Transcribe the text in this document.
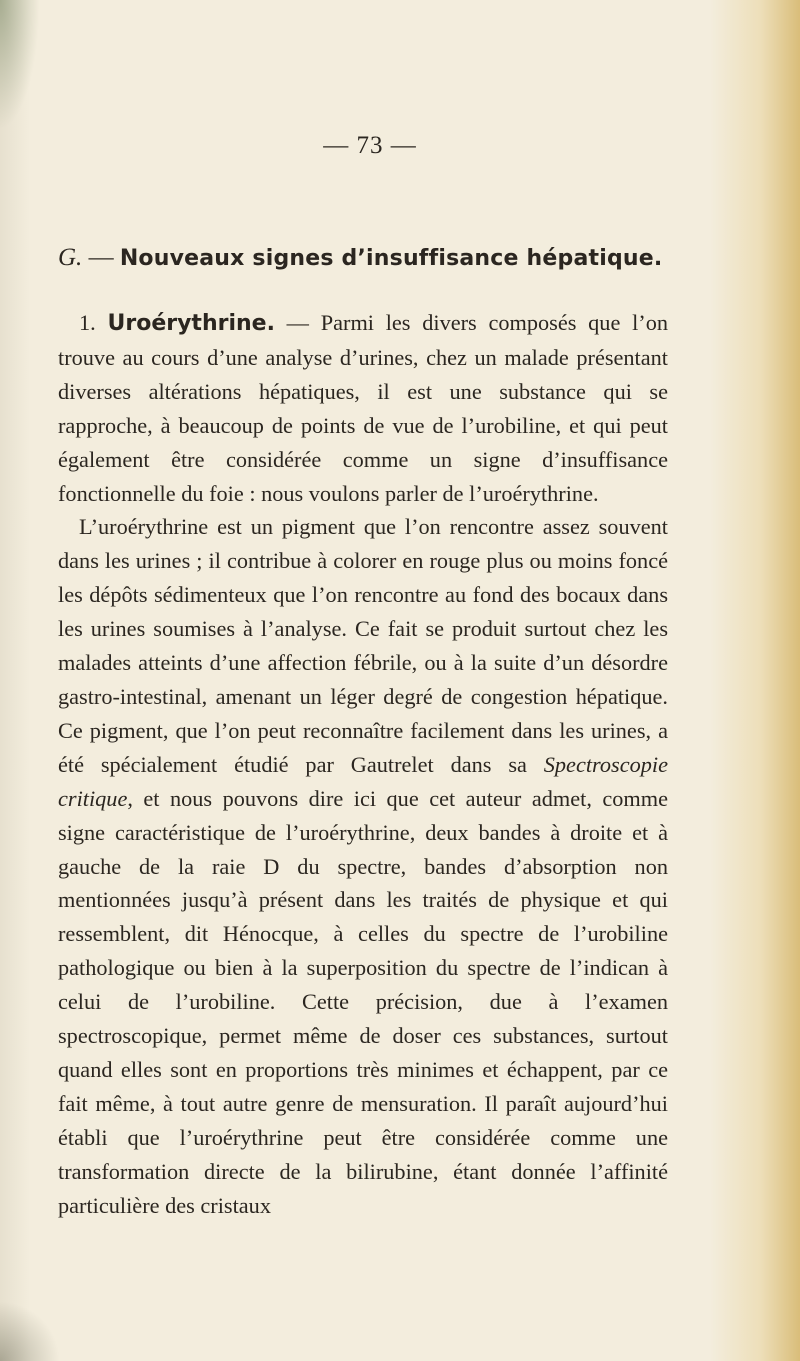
— 73 —
G. — Nouveaux signes d’insuffisance hépatique.

1. Uroérythrine. — Parmi les divers composés que l’on trouve au cours d’une analyse d’urines, chez un malade présentant diverses altérations hépatiques, il est une substance qui se rapproche, à beaucoup de points de vue de l’urobiline, et qui peut également être considérée comme un signe d’insuffisance fonctionnelle du foie : nous voulons parler de l’uroérythrine.

L’uroérythrine est un pigment que l’on rencontre assez souvent dans les urines ; il contribue à colorer en rouge plus ou moins foncé les dépôts sédimenteux que l’on rencontre au fond des bocaux dans les urines soumises à l’analyse. Ce fait se produit surtout chez les malades atteints d’une affection fébrile, ou à la suite d’un désordre gastro-intestinal, amenant un léger degré de congestion hépatique. Ce pigment, que l’on peut reconnaître facilement dans les urines, a été spécialement étudié par Gautrelet dans sa Spectroscopie critique, et nous pouvons dire ici que cet auteur admet, comme signe caractéristique de l’uroérythrine, deux bandes à droite et à gauche de la raie D du spectre, bandes d’absorption non mentionnées jusqu’à présent dans les traités de physique et qui ressemblent, dit Hénocque, à celles du spectre de l’urobiline pathologique ou bien à la superposition du spectre de l’indican à celui de l’urobiline. Cette précision, due à l’examen spectroscopique, permet même de doser ces substances, surtout quand elles sont en proportions très minimes et échappent, par ce fait même, à tout autre genre de mensuration. Il paraît aujourd’hui établi que l’uroérythrine peut être considérée comme une transformation directe de la bilirubine, étant donnée l’affinité particulière des cristaux
